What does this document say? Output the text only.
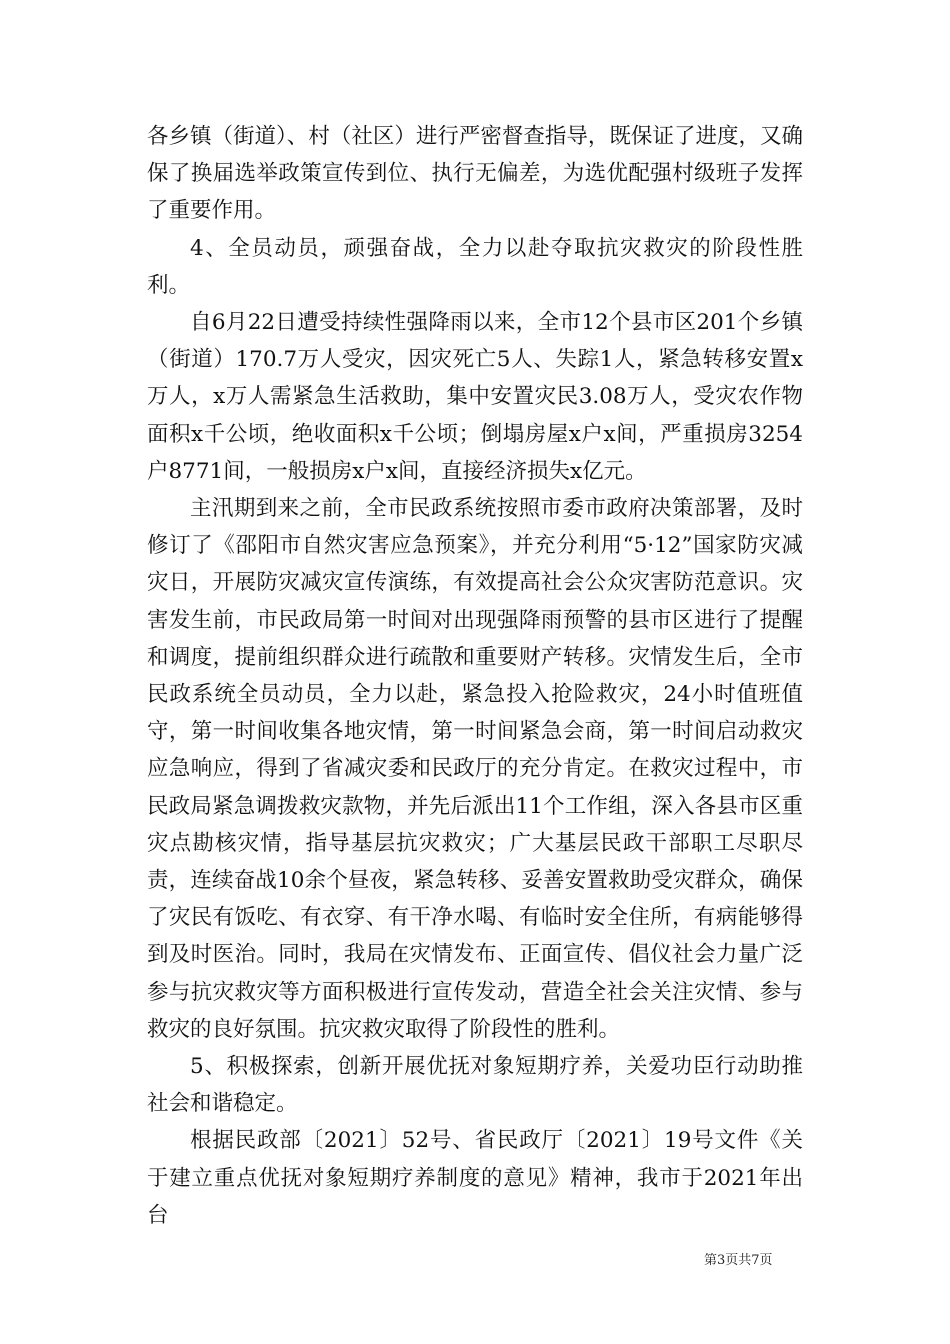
各乡镇（街道）、村（社区）进行严密督查指导，既保证了进度，又确保了换届选举政策宣传到位、执行无偏差，为选优配强村级班子发挥了重要作用。

4、全员动员，顽强奋战，全力以赴夺取抗灾救灾的阶段性胜利。

自6月22日遭受持续性强降雨以来，全市12个县市区201个乡镇（街道）170.7万人受灾，因灾死亡5人、失踪1人，紧急转移安置x万人，x万人需紧急生活救助，集中安置灾民3.08万人，受灾农作物面积x千公顷，绝收面积x千公顷；倒塌房屋x户x间，严重损房3254户8771间，一般损房x户x间，直接经济损失x亿元。

主汛期到来之前，全市民政系统按照市委市政府决策部署，及时修订了《邵阳市自然灾害应急预案》，并充分利用“5·12”国家防灾减灾日，开展防灾减灾宣传演练，有效提高社会公众灾害防范意识。灾害发生前，市民政局第一时间对出现强降雨预警的县市区进行了提醒和调度，提前组织群众进行疏散和重要财产转移。灾情发生后，全市民政系统全员动员，全力以赴，紧急投入抢险救灾，24小时值班值守，第一时间收集各地灾情，第一时间紧急会商，第一时间启动救灾应急响应，得到了省减灾委和民政厅的充分肯定。在救灾过程中，市民政局紧急调拨救灾款物，并先后派出11个工作组，深入各县市区重灾点勘核灾情，指导基层抗灾救灾；广大基层民政干部职工尽职尽责，连续奋战10余个昼夜，紧急转移、妥善安置救助受灾群众，确保了灾民有饭吃、有衣穿、有干净水喝、有临时安全住所，有病能够得到及时医治。同时，我局在灾情发布、正面宣传、倡仪社会力量广泛参与抗灾救灾等方面积极进行宣传发动，营造全社会关注灾情、参与救灾的良好氛围。抗灾救灾取得了阶段性的胜利。

5、积极探索，创新开展优抚对象短期疗养，关爱功臣行动助推社会和谐稳定。

根据民政部〔2021〕52号、省民政厅〔2021〕19号文件《关于建立重点优抚对象短期疗养制度的意见》精神，我市于2021年出台

第3页共7页
